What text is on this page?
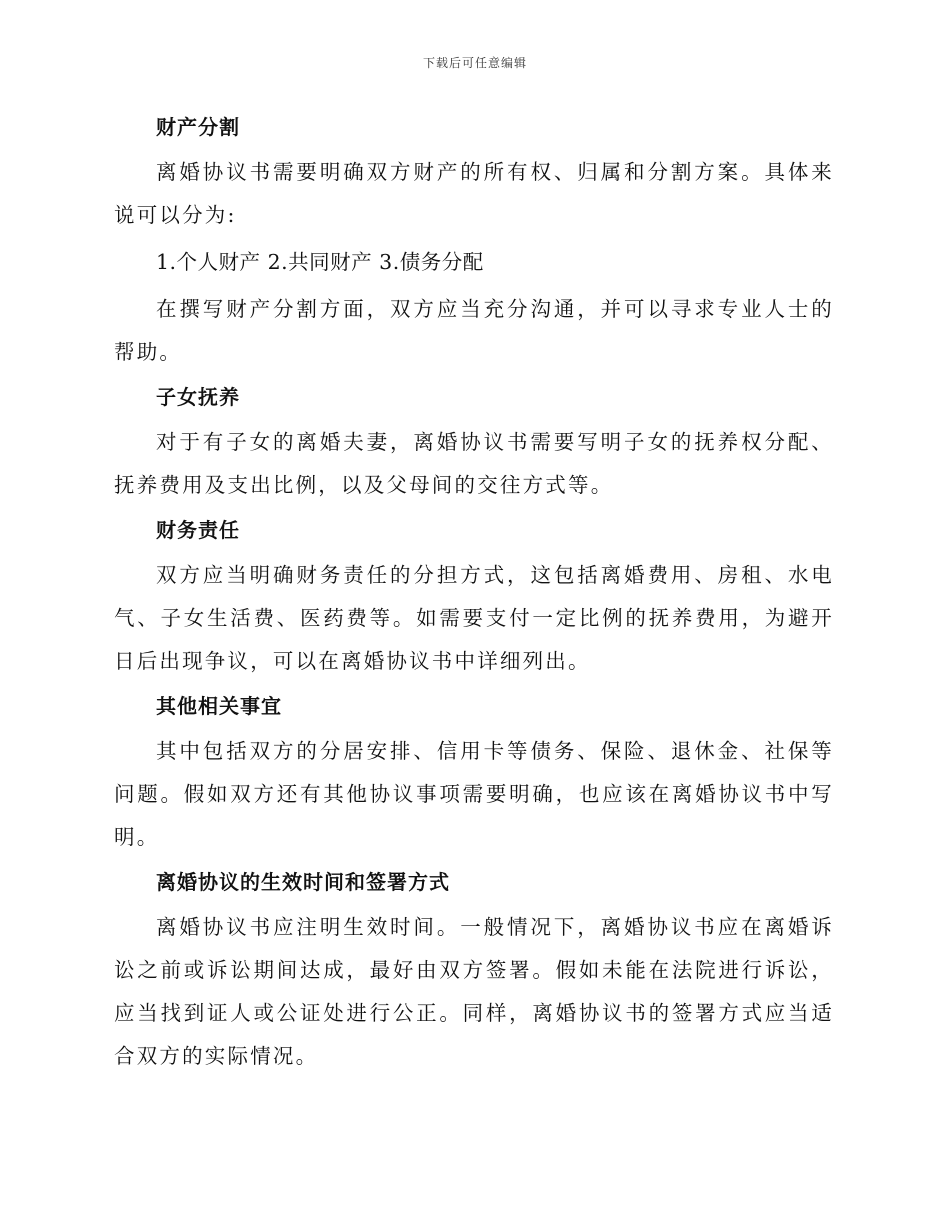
下载后可任意编辑
财产分割

离婚协议书需要明确双方财产的所有权、归属和分割方案。具体来说可以分为:

1.个人财产 2.共同财产 3.债务分配

在撰写财产分割方面，双方应当充分沟通，并可以寻求专业人士的帮助。

子女抚养

对于有子女的离婚夫妻，离婚协议书需要写明子女的抚养权分配、抚养费用及支出比例，以及父母间的交往方式等。

财务责任

双方应当明确财务责任的分担方式，这包括离婚费用、房租、水电气、子女生活费、医药费等。如需要支付一定比例的抚养费用，为避开日后出现争议，可以在离婚协议书中详细列出。

其他相关事宜

其中包括双方的分居安排、信用卡等债务、保险、退休金、社保等问题。假如双方还有其他协议事项需要明确，也应该在离婚协议书中写明。

离婚协议的生效时间和签署方式

离婚协议书应注明生效时间。一般情况下，离婚协议书应在离婚诉讼之前或诉讼期间达成，最好由双方签署。假如未能在法院进行诉讼，应当找到证人或公证处进行公正。同样，离婚协议书的签署方式应当适合双方的实际情况。
